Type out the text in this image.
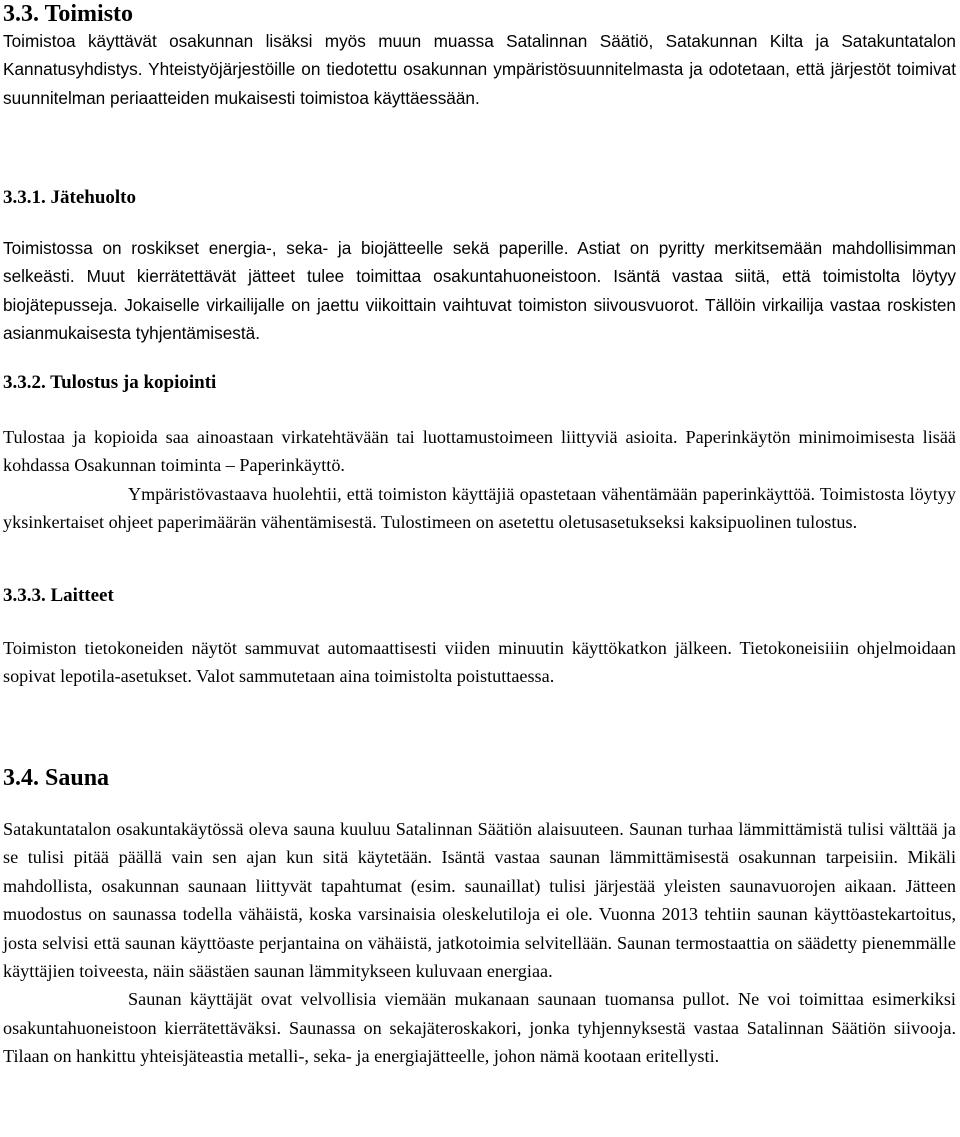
3.3. Toimisto

Toimistoa käyttävät osakunnan lisäksi myös muun muassa Satalinnan Säätiö, Satakunnan Kilta ja Satakuntatalon Kannatusyhdistys. Yhteistyöjärjestöille on tiedotettu osakunnan ympäristösuunnitelmasta ja odotetaan, että järjestöt toimivat suunnitelman periaatteiden mukaisesti toimistoa käyttäessään.

3.3.1. Jätehuolto

Toimistossa on roskikset energia-, seka- ja biojätteelle sekä paperille. Astiat on pyritty merkitsemään mahdollisimman selkeästi. Muut kierrätettävät jätteet tulee toimittaa osakuntahuoneistoon. Isäntä vastaa siitä, että toimistolta löytyy biojätepusseja. Jokaiselle virkailijalle on jaettu viikoittain vaihtuvat toimiston siivousvuorot. Tällöin virkailija vastaa roskisten asianmukaisesta tyhjentämisestä.

3.3.2. Tulostus ja kopiointi

Tulostaa ja kopioida saa ainoastaan virkatehtävään tai luottamustoimeen liittyviä asioita. Paperinkäytön minimoimisesta lisää kohdassa Osakunnan toiminta – Paperinkäyttö.

Ympäristövastaava huolehtii, että toimiston käyttäjiä opastetaan vähentämään paperinkäyttöä. Toimistosta löytyy yksinkertaiset ohjeet paperimäärän vähentämisestä. Tulostimeen on asetettu oletusasetukseksi kaksipuolinen tulostus.

3.3.3. Laitteet

Toimiston tietokoneiden näytöt sammuvat automaattisesti viiden minuutin käyttökatkon jälkeen. Tietokoneisiiin ohjelmoidaan sopivat lepotila-asetukset. Valot sammutetaan aina toimistolta poistuttaessa.

3.4. Sauna

Satakuntatalon osakuntakäytössä oleva sauna kuuluu Satalinnan Säätiön alaisuuteen. Saunan turhaa lämmittämistä tulisi välttää ja se tulisi pitää päällä vain sen ajan kun sitä käytetään. Isäntä vastaa saunan lämmittämisestä osakunnan tarpeisiin. Mikäli mahdollista, osakunnan saunaan liittyvät tapahtumat (esim. saunaillat) tulisi järjestää yleisten saunavuorojen aikaan. Jätteen muodostus on saunassa todella vähäistä, koska varsinaisia oleskelutiloja ei ole. Vuonna 2013 tehtiin saunan käyttöastekartoitus, josta selvisi että saunan käyttöaste perjantaina on vähäistä, jatkotoimia selvitellään. Saunan termostaattia on säädetty pienemmälle käyttäjien toiveesta, näin säästäen saunan lämmitykseen kuluvaan energiaa.

Saunan käyttäjät ovat velvollisia viemään mukanaan saunaan tuomansa pullot. Ne voi toimittaa esimerkiksi osakuntahuoneistoon kierrätettäväksi. Saunassa on sekajäteroskakori, jonka tyhjennyksestä vastaa Satalinnan Säätiön siivooja. Tilaan on hankittu yhteisjäteastia metalli-, seka- ja energiajätteelle, johon nämä kootaan eritellysti.
